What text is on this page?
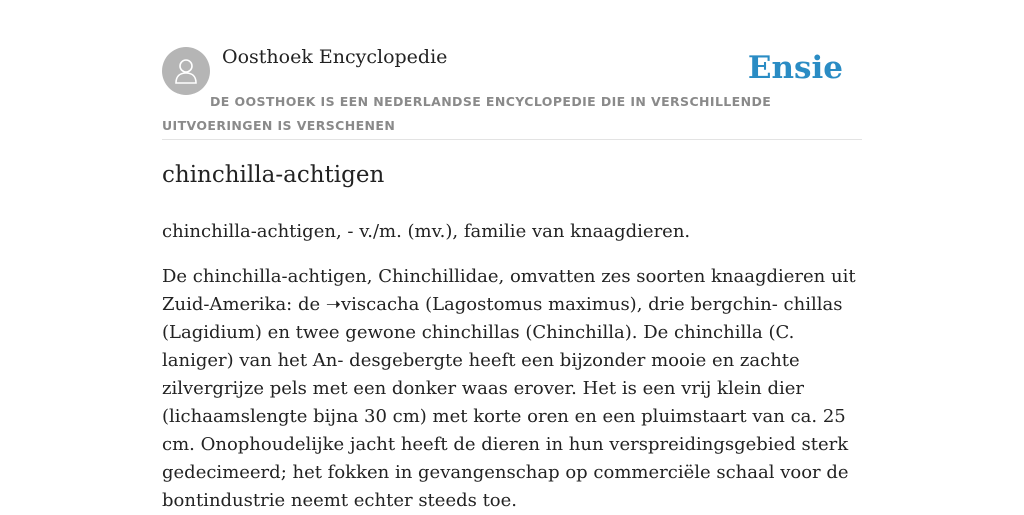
Oosthoek Encyclopedie	Ensie
DE OOSTHOEK IS EEN NEDERLANDSE ENCYCLOPEDIE DIE IN VERSCHILLENDE UITVOERINGEN IS VERSCHENEN
chinchilla-achtigen

chinchilla-achtigen, - v./m. (mv.), familie van knaagdieren.

De chinchilla-achtigen, Chinchillidae, omvatten zes soorten knaagdieren uit Zuid-Amerika: de ➝viscacha (Lagostomus maximus), drie bergchin- chillas (Lagidium) en twee gewone chinchillas (Chinchilla). De chinchilla (C. laniger) van het An- desgebergte heeft een bijzonder mooie en zachte zilvergrijze pels met een donker waas erover. Het is een vrij klein dier (lichaamslengte bijna 30 cm) met korte oren en een pluimstaart van ca. 25 cm. Onophoudelijke jacht heeft de dieren in hun verspreidingsgebied sterk gedecimeerd; het fokken in gevangenschap op commerciële schaal voor de bontindustrie neemt echter steeds toe.
